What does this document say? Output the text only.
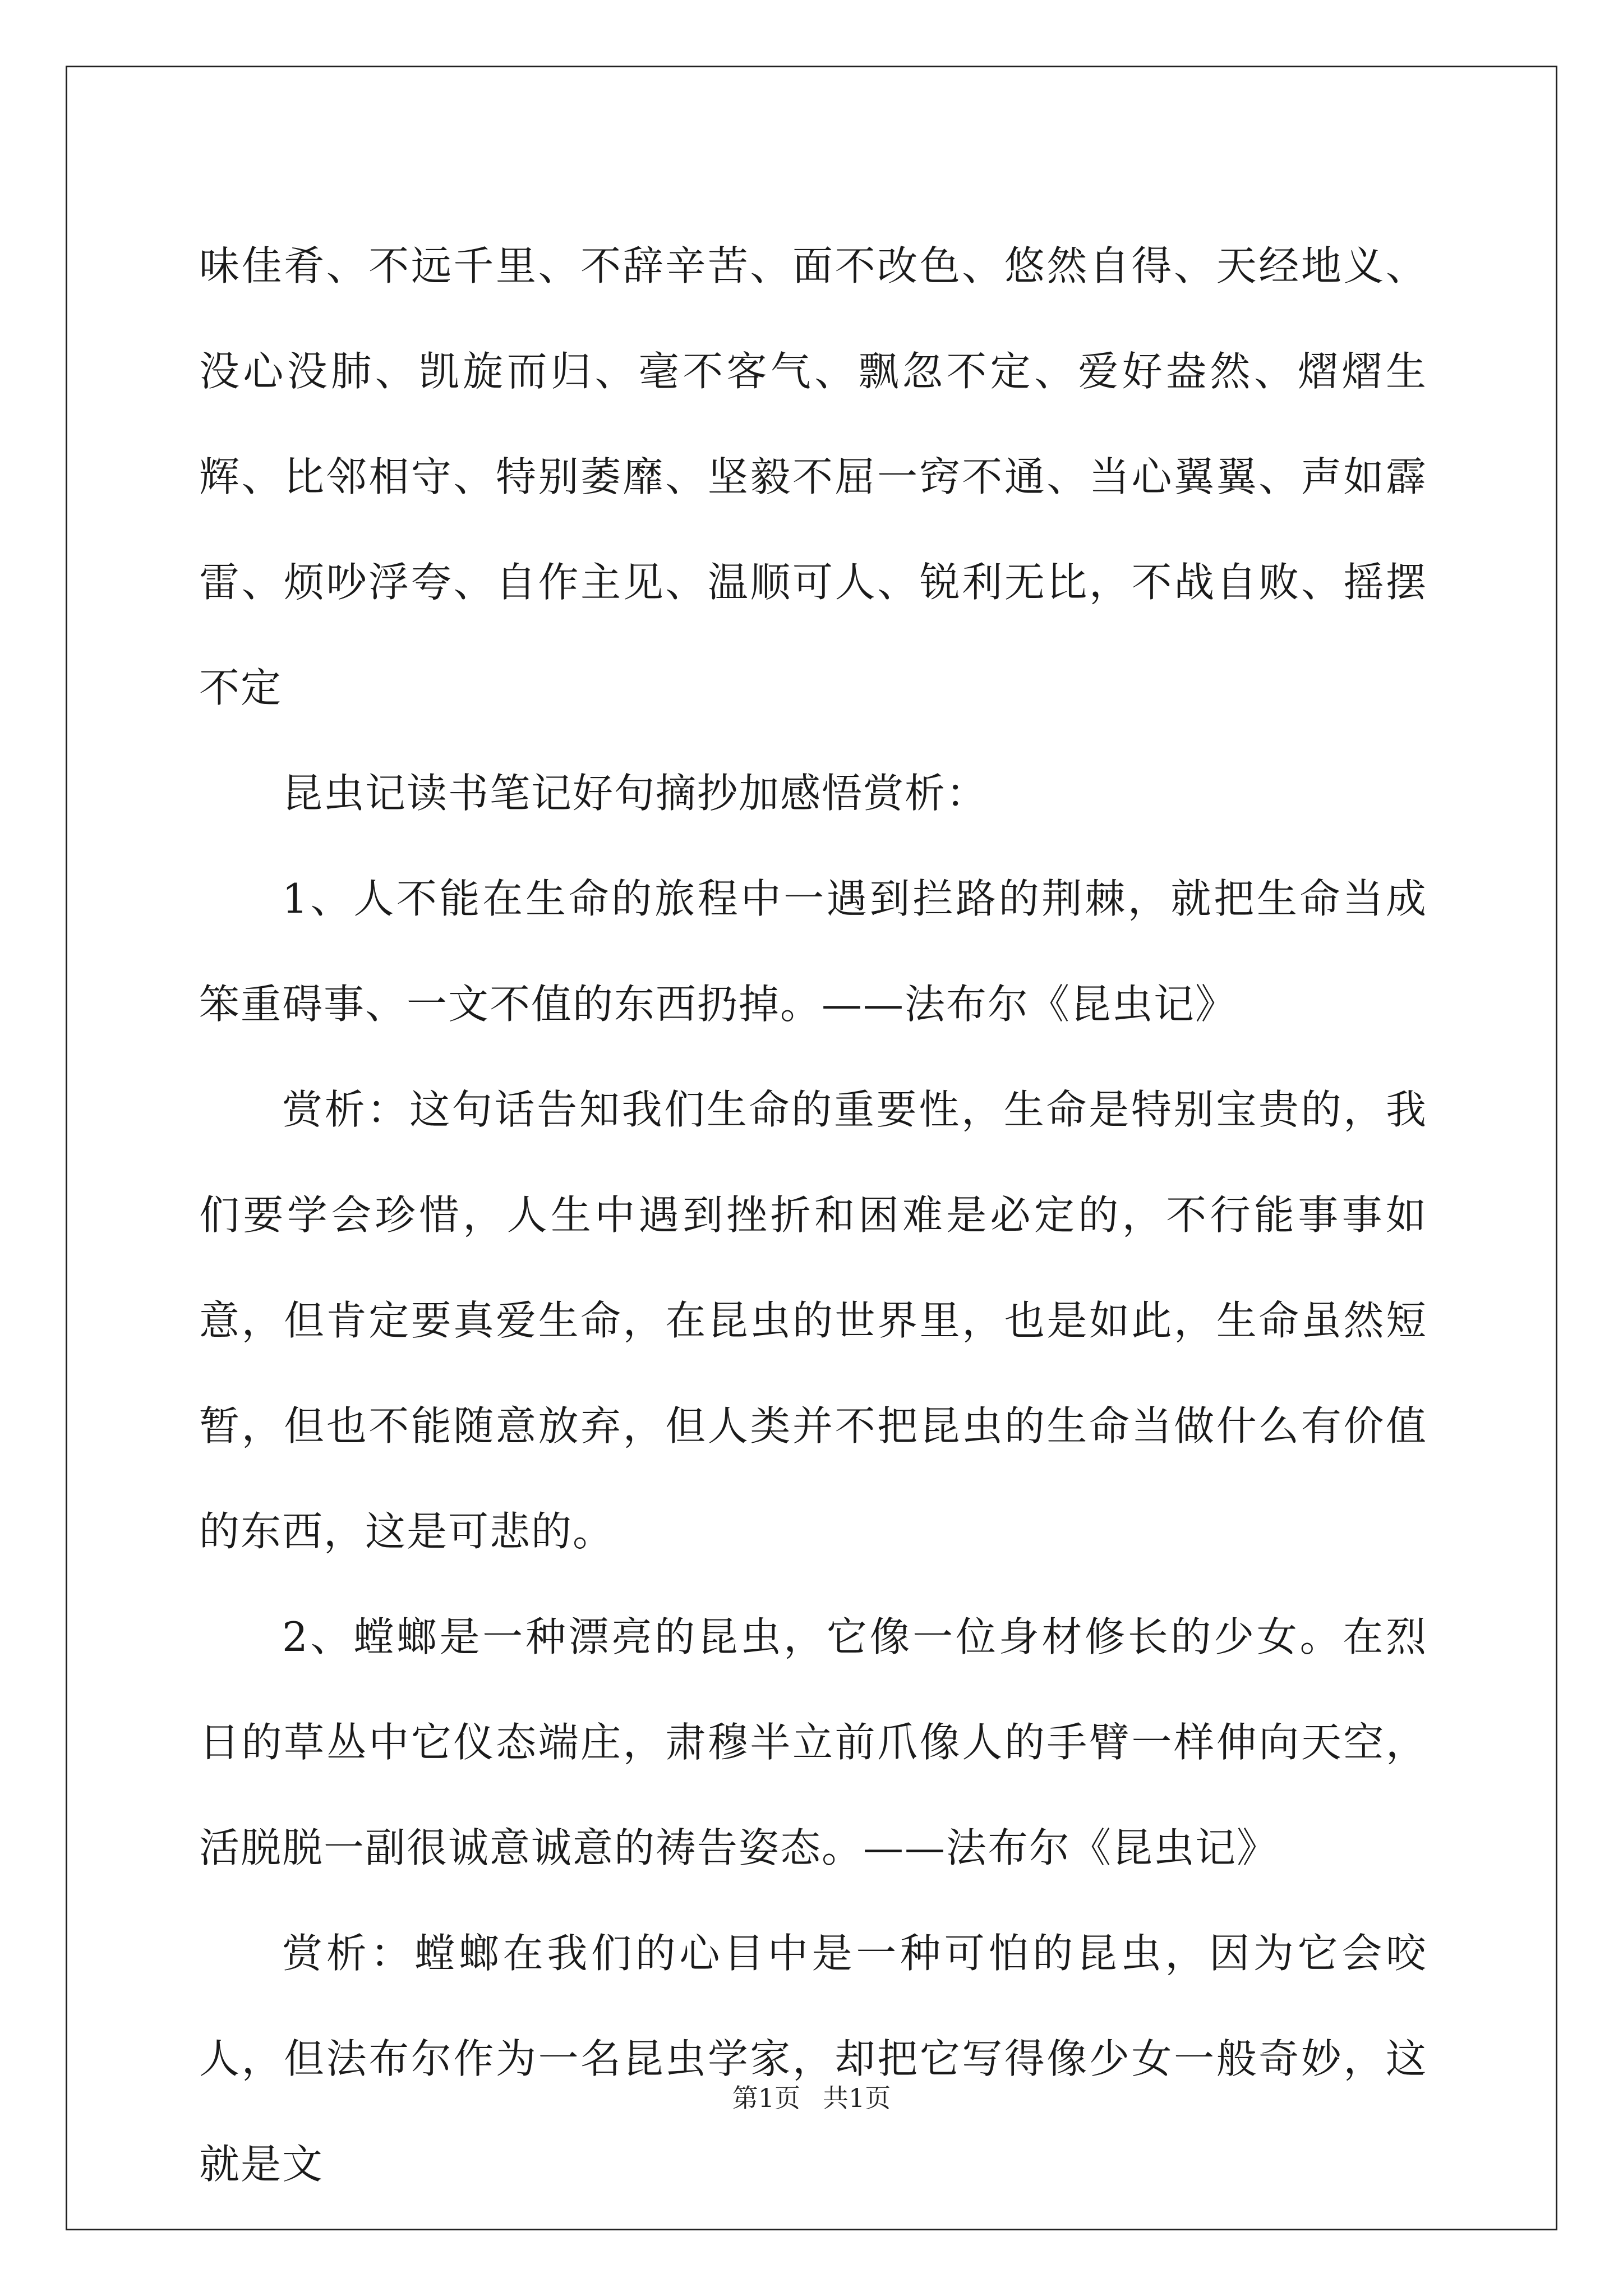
味佳肴、不远千里、不辞辛苦、面不改色、悠然自得、天经地义、没心没肺、凯旋而归、毫不客气、飘忽不定、爱好盎然、熠熠生辉、比邻相守、特别萎靡、坚毅不屈一窍不通、当心翼翼、声如霹雷、烦吵浮夸、自作主见、温顺可人、锐利无比，不战自败、摇摆不定

昆虫记读书笔记好句摘抄加感悟赏析：

1、人不能在生命的旅程中一遇到拦路的荆棘，就把生命当成笨重碍事、一文不值的东西扔掉。——法布尔《昆虫记》

赏析：这句话告知我们生命的重要性，生命是特别宝贵的，我们要学会珍惜，人生中遇到挫折和困难是必定的，不行能事事如意，但肯定要真爱生命，在昆虫的世界里，也是如此，生命虽然短暂，但也不能随意放弃，但人类并不把昆虫的生命当做什么有价值的东西，这是可悲的。

2、螳螂是一种漂亮的昆虫，它像一位身材修长的少女。在烈日的草丛中它仪态端庄，肃穆半立前爪像人的手臂一样伸向天空，活脱脱一副很诚意诚意的祷告姿态。——法布尔《昆虫记》

赏析：螳螂在我们的心目中是一种可怕的昆虫，因为它会咬人，但法布尔作为一名昆虫学家，却把它写得像少女一般奇妙，这就是文

第1页 共1页
